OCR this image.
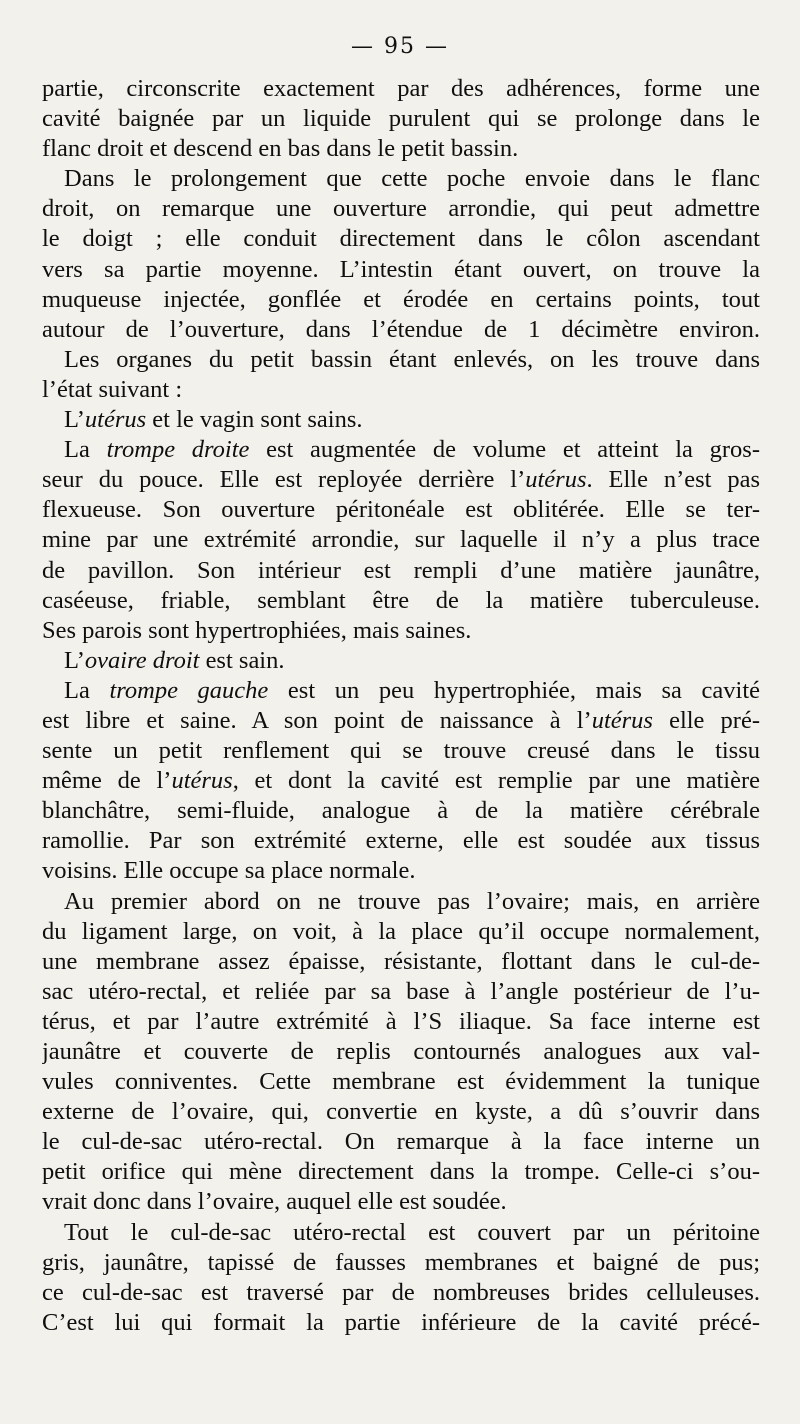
— 95 —
partie, circonscrite exactement par des adhérences, forme une
cavité baignée par un liquide purulent qui se prolonge dans le
flanc droit et descend en bas dans le petit bassin.
Dans le prolongement que cette poche envoie dans le flanc
droit, on remarque une ouverture arrondie, qui peut admettre
le doigt ; elle conduit directement dans le côlon ascendant
vers sa partie moyenne. L’intestin étant ouvert, on trouve la
muqueuse injectée, gonflée et érodée en certains points, tout
autour de l’ouverture, dans l’étendue de 1 décimètre environ.
Les organes du petit bassin étant enlevés, on les trouve dans
l’état suivant :
L’utérus et le vagin sont sains.
La trompe droite est augmentée de volume et atteint la gros-
seur du pouce. Elle est reployée derrière l’utérus. Elle n’est pas
flexueuse. Son ouverture péritonéale est oblitérée. Elle se ter-
mine par une extrémité arrondie, sur laquelle il n’y a plus trace
de pavillon. Son intérieur est rempli d’une matière jaunâtre,
caséeuse, friable, semblant être de la matière tuberculeuse.
Ses parois sont hypertrophiées, mais saines.
L’ovaire droit est sain.
La trompe gauche est un peu hypertrophiée, mais sa cavité
est libre et saine. A son point de naissance à l’utérus elle pré-
sente un petit renflement qui se trouve creusé dans le tissu
même de l’utérus, et dont la cavité est remplie par une matière
blanchâtre, semi-fluide, analogue à de la matière cérébrale
ramollie. Par son extrémité externe, elle est soudée aux tissus
voisins. Elle occupe sa place normale.
Au premier abord on ne trouve pas l’ovaire; mais, en arrière
du ligament large, on voit, à la place qu’il occupe normalement,
une membrane assez épaisse, résistante, flottant dans le cul-de-
sac utéro-rectal, et reliée par sa base à l’angle postérieur de l’u-
térus, et par l’autre extrémité à l’S iliaque. Sa face interne est
jaunâtre et couverte de replis contournés analogues aux val-
vules conniventes. Cette membrane est évidemment la tunique
externe de l’ovaire, qui, convertie en kyste, a dû s’ouvrir dans
le cul-de-sac utéro-rectal. On remarque à la face interne un
petit orifice qui mène directement dans la trompe. Celle-ci s’ou-
vrait donc dans l’ovaire, auquel elle est soudée.
Tout le cul-de-sac utéro-rectal est couvert par un péritoine
gris, jaunâtre, tapissé de fausses membranes et baigné de pus;
ce cul-de-sac est traversé par de nombreuses brides celluleuses.
C’est lui qui formait la partie inférieure de la cavité précé-
